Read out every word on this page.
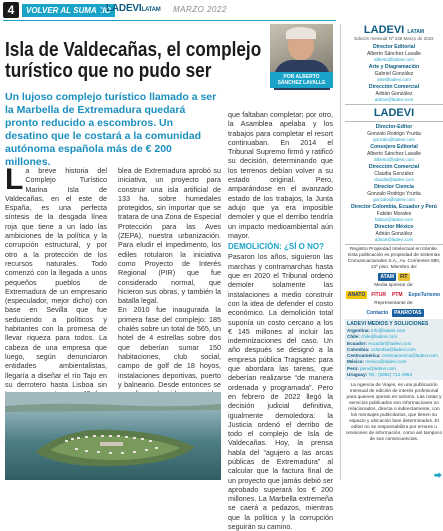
4	VOLVER AL SUMARIO
LADEVILATAM MARZO 2022
Isla de Valdecañas, el complejo turístico que no pudo ser	POR ALBERTO SÁNCHEZ LAVALLE
Un lujoso complejo turístico llamado a ser la Marbella de Extremadura quedará pronto reducido a escombros. Un desatino que le costará a la comunidad autónoma española más de € 200 millones.
La breve historia del Complejo Turístico Marina Isla de Valdecañas, en el este de España, es una perfecta síntesis de la desgada línea roja que tiene a un lado las ambiciones de la política y la corrupción estructural, y por otro a la protección de los recursos naturales. Todo comenzó con la llegada a unos pequeños pueblos de Extremadura de un empresario (especulador, mejor dicho) con base en Sevilla que fue seduciendo a políticos y habitantes con la promesa de llevar riqueza para todos. La cabeza de una empresa que luego, según denunciaron entidades ambientalistas, llegaría a diseñar el río Tajo en su derrotero hasta Lisboa sin

blea de Extremadura aprobó su iniciativa, un proyecto para construir una isla artificial de 133 ha. sobre humedales protegidos, sin importar que se tratara de una Zona de Especial Protección para las Aves (ZEPA), nuestra urbanización. Para eludir el impedimento, los ediles rotularon la iniciativa como Proyecto de Interés Regional (PIR) que fue considerado normal, que hicieron sus obras, y también la batalla legal.
En 2010 fue inaugurada la primera fase del complejo: 185 chalés sobre un total de 565, un hotel de 4 estrellas sobre dos que deberían sumar 150 habitaciones, club social, campo de golf de 18 hoyos, instalaciones deportivas, puerto y balneario. Desde entonces se
que faltaban completar; por otro, la Asamblea apelaba y los trabajos para completar el resort continuaban. En 2014 el Tribunal Supremo firmó y ratificó su decisión, determinando que los terrenos debían volver a su estado original. Pero, amparándose en el avanzado estado de los trabajos, la Junta adujo que ya era imposible demoler y que el derribo tendría un impacto medioambiental aún mayor.
DEMOLICIÓN: ¿SÍ O NO?
Pasaron los años, siguieron las marchas y contramarchas hasta que en 2020 el Tribunal ordenó demoler solamente las instalaciones a medio construir con la idea de defender el costo económico. La demolición total suponía un costo cercano a los € 145 millones al incluir las indemnizaciones del caso. Un año después se designó a la empresa pública Tragsatec para que abordara las tareas, que deberían realizarse “de manera ordenada y programada”. Pero en febrero de 2022 llegó la decisión judicial definitiva, igualmente demoledora: la Justicia ordenó el derribo de todo el complejo de Isla de Valdecañas. Hoy, la prensa habla del “agujero a las arcas públicas de Extremadura” al calcular que la factura final de un proyecto que jamás debió ser aprobado superará los € 200 millones. La Marbella extremeña se caerá a pedazos, mientras que la política y la corrupción seguirán su camino.
LADEVI LATAM
Edición mensual Nº 238 Marzo de 2022
Director Editorial
Alberto Sánchez Lavalle
alberto@ladevi.com
Arte y Diagramación
Gabriel González
arte@ladevi.com
Dirección Comercial
Adrián González
adrian@ladevi.com
LADEVI
Director-Editor
Gonzalo Rodrigo Yrurtia
gonzalo@ladevi.com
Consejero Editorial
Alberto Sánchez Lavalle
alberto@ladevi.com
Dirección Comercial
Claudia González
claudia@ladevi.com
Director Ciencia
Gonzalo Rodrigo Yrurtia
gonzalo@ladevi.com
Director Colombia, Ecuador y Perú
Fabián Morales
fabian@ladevi.com
Director México
Adrián González
adrian@ladevi.com
Registro Propiedad Intelectual en trámite. Esta publicación es propiedad de Sistemas Comunicacionales S.A., Av. Corrientes 880, 13º piso. Miembro de:
ATAM	FIT
Media sponsor de:
ANATO	FITUR	PTM	ExpoTurismo
Representante de:
Contacto	PANROTAS
LADEVI MEDIOS Y SOLUCIONES
Argentina: info@ladevi.com
Chile: chile@ladevi.com
Ecuador: ecuador@ladevi.com
Colombia: colombia@ladevi.com
Centroamérica: centroamerica@ladevi.com
México: mexico@ladevi.com
Perú: peru@ladevi.com
Uruguay: Tel.: (5982) 712-4953
La Agencia de Viajes, es una publicación mensual de edición de interés profesional para quienes operan en turismo. Las notas y servicios publicados son informaciones no relacionados, directa o indirectamente, con los mensajes publicitarios, que tienen su espacio y ubicación bien determinados. El editor no se responsabiliza por errores u omisiones de información, como así tampoco de sus consecuencias.
⮕
